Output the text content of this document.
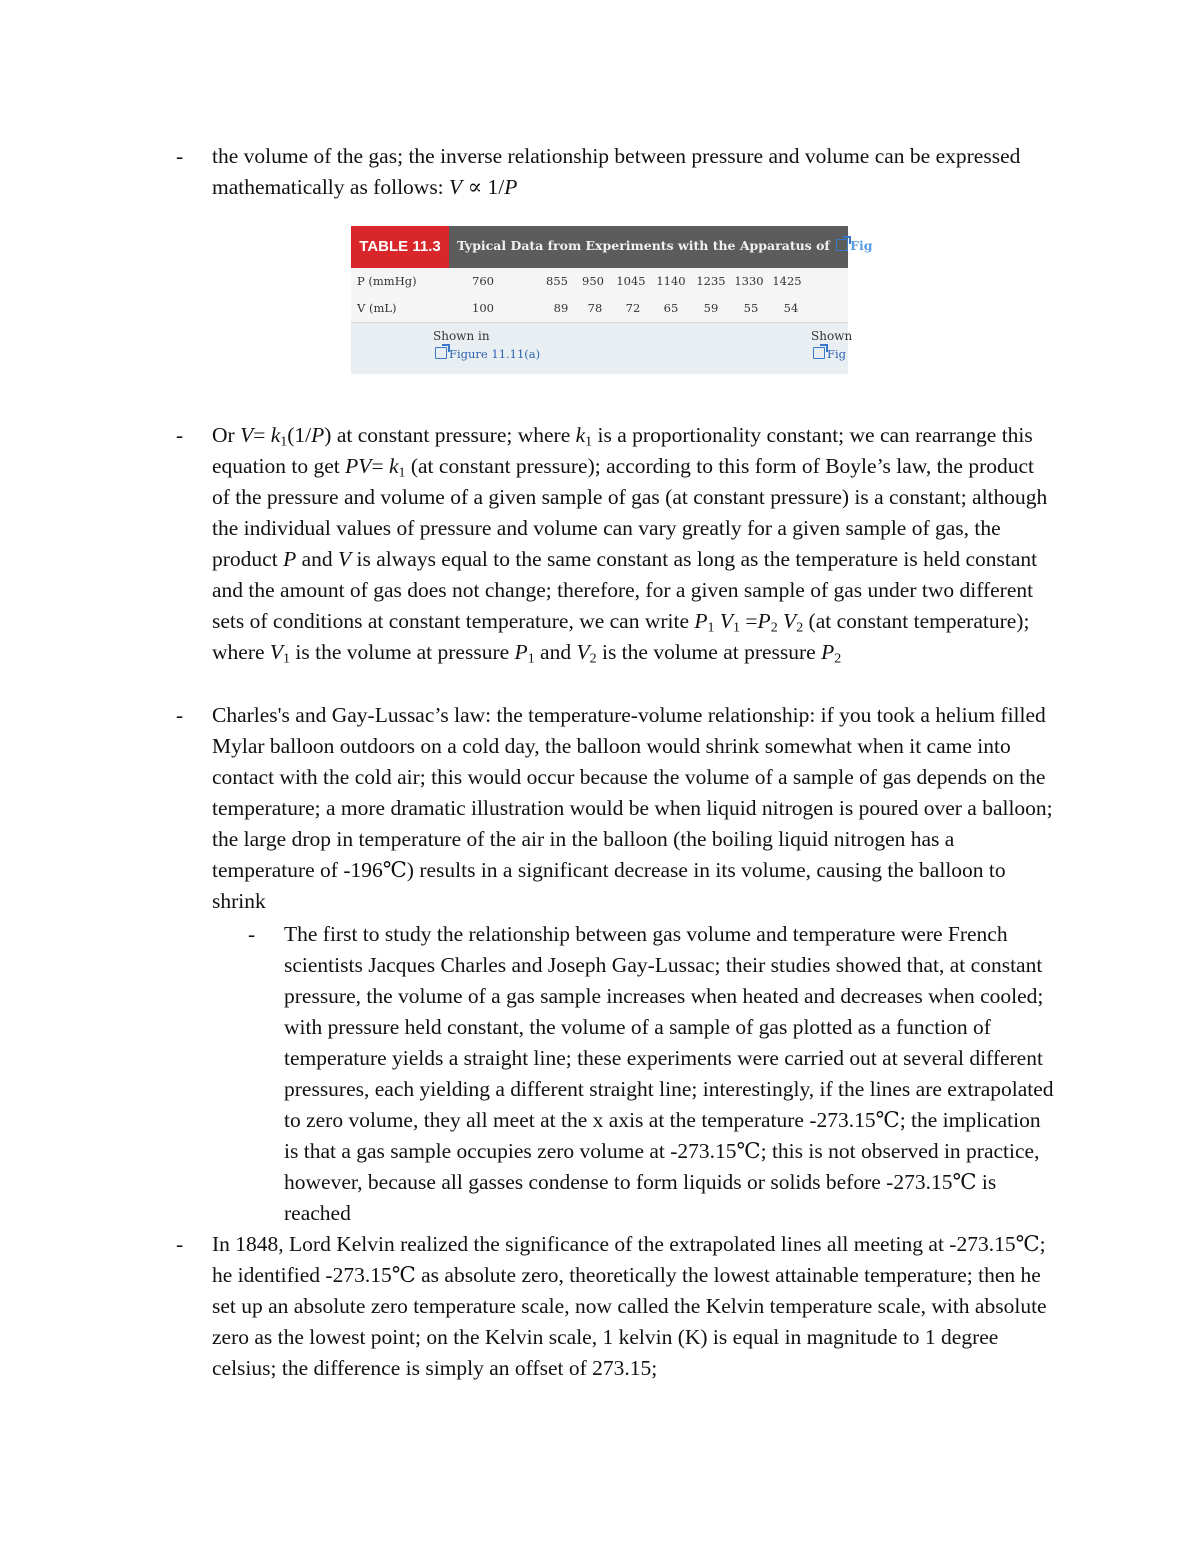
-	the volume of the gas; the inverse relationship between pressure and volume can be expressed mathematically as follows: V ∝ 1/P
TABLE 11.3	Typical Data from Experiments with the Apparatus of Fig
P (mmHg)	760	855	950	1045 1140 1235 1330 1425
V (mL)	100	89	78	72	65	59	55	54
Shown in
Figure 11.11(a)
Shown
Fig
-	Or $V= k_1(1/P)$ at constant pressure; where $k_1$ is a proportionality constant; we can rearrange this equation to get $PV= k_1$ (at constant pressure); according to this form of Boyle’s law, the product of the pressure and volume of a given sample of gas (at constant pressure) is a constant; although the individual values of pressure and volume can vary greatly for a given sample of gas, the product P and V is always equal to the same constant as long as the temperature is held constant and the amount of gas does not change; therefore, for a given sample of gas under two different sets of conditions at constant temperature, we can write $P_1$ $V_1 =P_2$ $V_2$ (at constant temperature); where $V_1$ is the volume at pressure $P_1$ and $V_2$ is the volume at pressure $P_2$
-	Charles's and Gay-Lussac’s law: the temperature-volume relationship: if you took a helium filled Mylar balloon outdoors on a cold day, the balloon would shrink somewhat when it came into contact with the cold air; this would occur because the volume of a sample of gas depends on the temperature; a more dramatic illustration would be when liquid nitrogen is poured over a balloon; the large drop in temperature of the air in the balloon (the boiling liquid nitrogen has a temperature of -196℃) results in a significant decrease in its volume, causing the balloon to shrink
-	The first to study the relationship between gas volume and temperature were French scientists Jacques Charles and Joseph Gay-Lussac; their studies showed that, at constant pressure, the volume of a gas sample increases when heated and decreases when cooled; with pressure held constant, the volume of a sample of gas plotted as a function of temperature yields a straight line; these experiments were carried out at several different pressures, each yielding a different straight line; interestingly, if the lines are extrapolated to zero volume, they all meet at the x axis at the temperature -273.15℃; the implication is that a gas sample occupies zero volume at -273.15℃; this is not observed in practice, however, because all gasses condense to form liquids or solids before -273.15℃ is reached
-	In 1848, Lord Kelvin realized the significance of the extrapolated lines all meeting at -273.15℃; he identified -273.15℃ as absolute zero, theoretically the lowest attainable temperature; then he set up an absolute zero temperature scale, now called the Kelvin temperature scale, with absolute zero as the lowest point; on the Kelvin scale, 1 kelvin (K) is equal in magnitude to 1 degree celsius; the difference is simply an offset of 273.15;
